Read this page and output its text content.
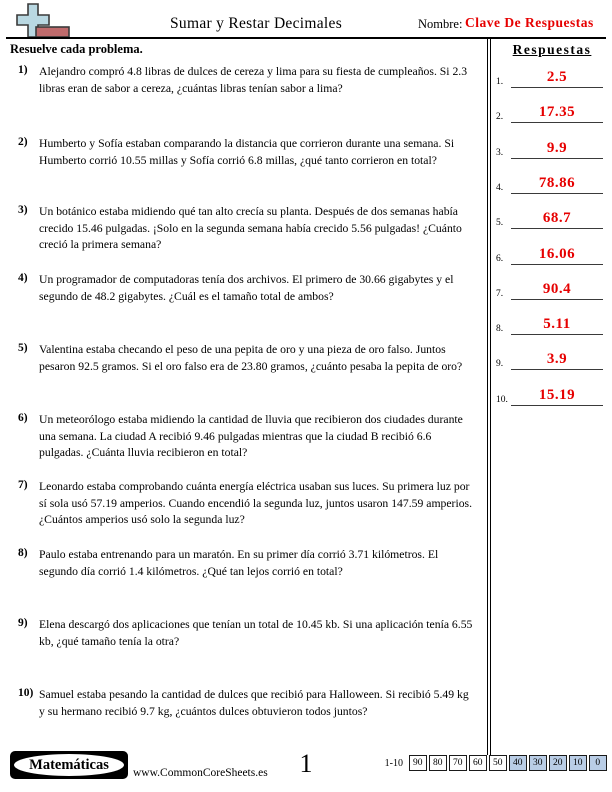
Sumar y Restar Decimales	Nombre: Clave De Respuestas
Resuelve cada problema.	Respuestas
1.	2.5
2.	17.35
3.	9.9
4.	78.86
5.	68.7
6.	16.06
7.	90.4
8.	5.11
9.	3.9
10.	15.19
1) Alejandro compró 4.8 libras de dulces de cereza y lima para su fiesta de cumpleaños. Si 2.3 libras eran de sabor a cereza, ¿cuántas libras tenían sabor a lima?
2) Humberto y Sofía estaban comparando la distancia que corrieron durante una semana. Si Humberto corrió 10.55 millas y Sofía corrió 6.8 millas, ¿qué tanto corrieron en total?
3) Un botánico estaba midiendo qué tan alto crecía su planta. Después de dos semanas había crecido 15.46 pulgadas. ¡Solo en la segunda semana había crecido 5.56 pulgadas! ¿Cuánto creció la primera semana?
4) Un programador de computadoras tenía dos archivos. El primero de 30.66 gigabytes y el segundo de 48.2 gigabytes. ¿Cuál es el tamaño total de ambos?
5) Valentina estaba checando el peso de una pepita de oro y una pieza de oro falso. Juntos pesaron 92.5 gramos. Si el oro falso era de 23.80 gramos, ¿cuánto pesaba la pepita de oro?
6) Un meteorólogo estaba midiendo la cantidad de lluvia que recibieron dos ciudades durante una semana. La ciudad A recibió 9.46 pulgadas mientras que la ciudad B recibió 6.6 pulgadas. ¿Cuánta lluvia recibieron en total?
7) Leonardo estaba comprobando cuánta energía eléctrica usaban sus luces. Su primera luz por sí sola usó 57.19 amperios. Cuando encendió la segunda luz, juntos usaron 147.59 amperios. ¿Cuántos amperios usó solo la segunda luz?
8) Paulo estaba entrenando para un maratón. En su primer día corrió 3.71 kilómetros. El segundo día corrió 1.4 kilómetros. ¿Qué tan lejos corrió en total?
9) Elena descargó dos aplicaciones que tenían un total de 10.45 kb. Si una aplicación tenía 6.55 kb, ¿qué tamaño tenía la otra?
10) Samuel estaba pesando la cantidad de dulces que recibió para Halloween. Si recibió 5.49 kg y su hermano recibió 9.7 kg, ¿cuántos dulces obtuvieron todos juntos?
Matemáticas
www.CommonCoreSheets.es	1	1-10	90	80	70	60	50	40	30	20	10	0
